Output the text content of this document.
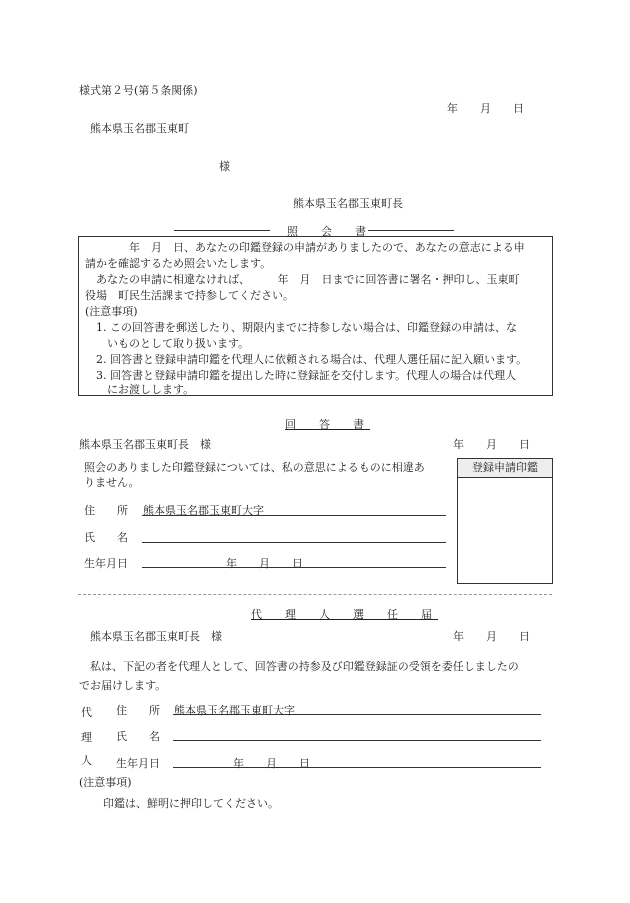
様式第２号(第５条関係)
年　　月　　日
熊本県玉名郡玉東町
様
熊本県玉名郡玉東町長
照　会　書
　　　　年　月　日、あなたの印鑑登録の申請がありましたので、あなたの意志による申
請かを確認するため照会いたします。
　あなたの申請に相違なければ、　　　年　月　日までに回答書に署名・押印し、玉東町
役場　町民生活課まで持参してください。
(注意事項)
　1. この回答書を郵送したり、期限内までに持参しない場合は、印鑑登録の申請は、な
　　いものとして取り扱います。
　2. 回答書と登録申請印鑑を代理人に依頼される場合は、代理人選任届に記入願います。
　3. 回答書と登録申請印鑑を提出した時に登録証を交付します。代理人の場合は代理人
　　にお渡しします。
回　答　書
熊本県玉名郡玉東町長　様	年　　月　　日
照会のありました印鑑登録については、私の意思によるものに相違あ
りません。
登録申請印鑑
住　　所 熊本県玉名郡玉東町大字
氏　　名
生年月日	年　　月　　日
代　理　人　選　任　届
熊本県玉名郡玉東町長　様	年　　月　　日
　私は、下記の者を代理人として、回答書の持参及び印鑑登録証の受領を委任しましたの
でお届けします。
代
理
人
住　　所 熊本県玉名郡玉東町大字
氏　　名
生年月日	年　　月　　日
(注意事項)
印鑑は、鮮明に押印してください。
